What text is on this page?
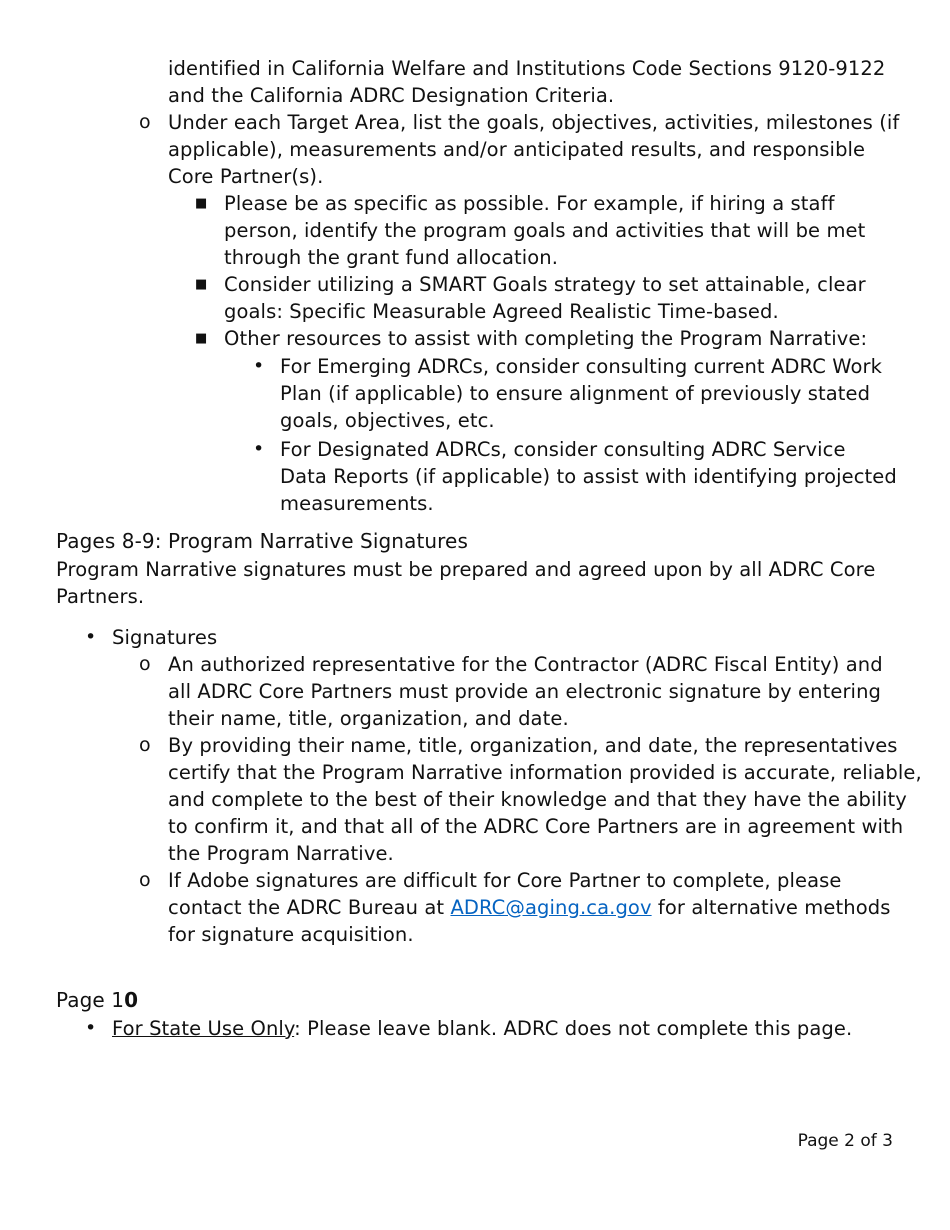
identified in California Welfare and Institutions Code Sections 9120-9122
and the California ADRC Designation Criteria.
o Under each Target Area, list the goals, objectives, activities, milestones (if
applicable), measurements and/or anticipated results, and responsible
Core Partner(s).
■ Please be as specific as possible. For example, if hiring a staff
person, identify the program goals and activities that will be met
through the grant fund allocation.
■ Consider utilizing a SMART Goals strategy to set attainable, clear
goals: Specific Measurable Agreed Realistic Time-based.
■ Other resources to assist with completing the Program Narrative:
• For Emerging ADRCs, consider consulting current ADRC Work
Plan (if applicable) to ensure alignment of previously stated
goals, objectives, etc.
• For Designated ADRCs, consider consulting ADRC Service
Data Reports (if applicable) to assist with identifying projected
measurements.
Pages 8-9: Program Narrative Signatures
Program Narrative signatures must be prepared and agreed upon by all ADRC Core
Partners.
• Signatures
o An authorized representative for the Contractor (ADRC Fiscal Entity) and
all ADRC Core Partners must provide an electronic signature by entering
their name, title, organization, and date.
o By providing their name, title, organization, and date, the representatives
certify that the Program Narrative information provided is accurate, reliable,
and complete to the best of their knowledge and that they have the ability
to confirm it, and that all of the ADRC Core Partners are in agreement with
the Program Narrative.
o If Adobe signatures are difficult for Core Partner to complete, please
contact the ADRC Bureau at ADRC@aging.ca.gov for alternative methods
for signature acquisition.
Page 10
• For State Use Only: Please leave blank. ADRC does not complete this page.
Page 2 of 3
